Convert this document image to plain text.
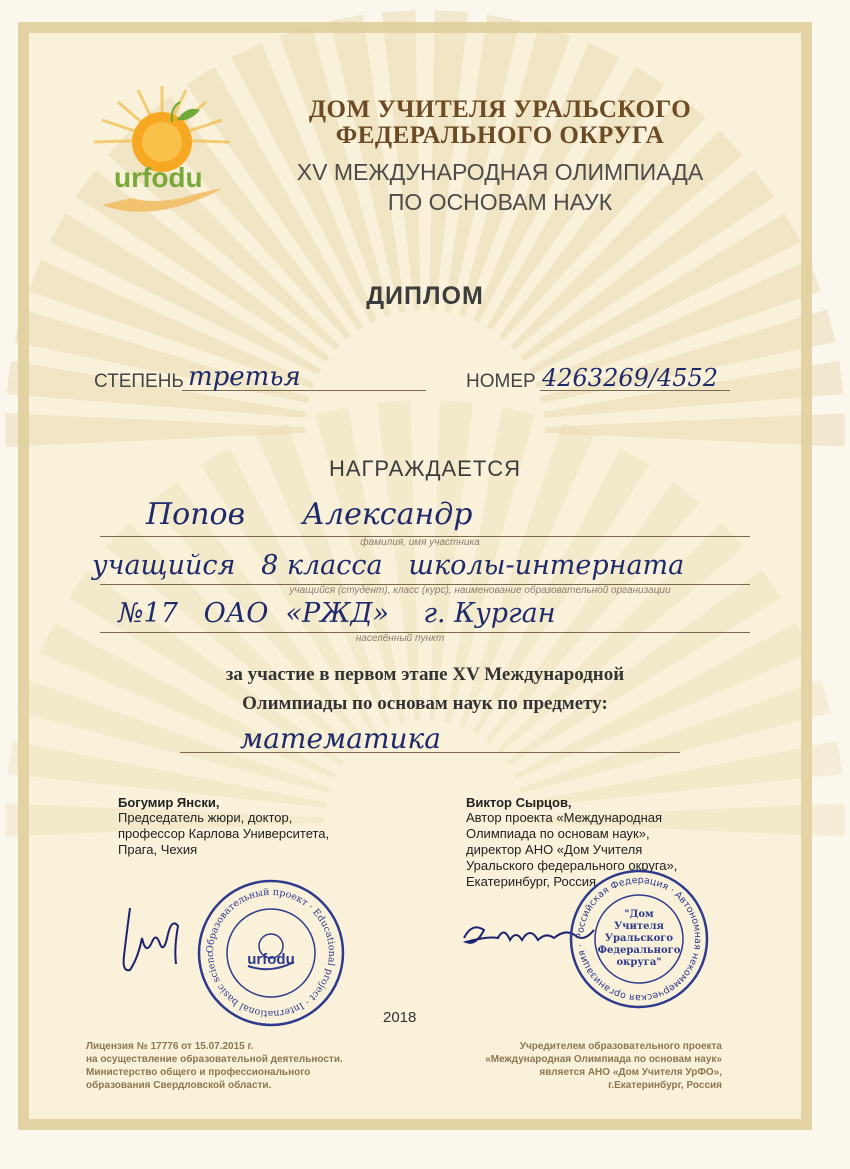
urfodu
ДОМ УЧИТЕЛЯ УРАЛЬСКОГО
ФЕДЕРАЛЬНОГО ОКРУГА
XV МЕЖДУНАРОДНАЯ ОЛИМПИАДА
ПО ОСНОВАМ НАУК
ДИПЛОМ
СТЕПЕНЬ третья	НОМЕР 4263269/4552
НАГРАЖДАЕТСЯ
Попов      Александр
фамилия, имя участника
учащийся   8 класса   школы-интерната
учащийся (студент), класс (курс), наименование образовательной организации
№17   ОАО  «РЖД»    г. Курган
населённый пункт
за участие в первом этапе XV Международной
Олимпиады по основам наук по предмету:
математика
Богумир Янски,
Председатель жюри, доктор,
профессор Карлова Университета,
Прага, Чехия
Виктор Сырцов,
Автор проекта «Международная
Олимпиада по основам наук»,
директор АНО «Дом Учителя
Уральского федерального округа»,
Екатеринбург, Россия
Образовательный проект · Educational project · International basic scienc	urfodu
Российская Федерация · Автономная некоммерческая организация ·
"Дом
Учителя
Уральского
Федерального
округа"
2018
Лицензия № 17776 от 15.07.2015 г.
на осуществление образовательной деятельности.
Министерство общего и профессионального
образования Свердловской области.
Учредителем образовательного проекта
«Международная Олимпиада по основам наук»
является АНО «Дом Учителя УрФО»,
г.Екатеринбург, Россия
